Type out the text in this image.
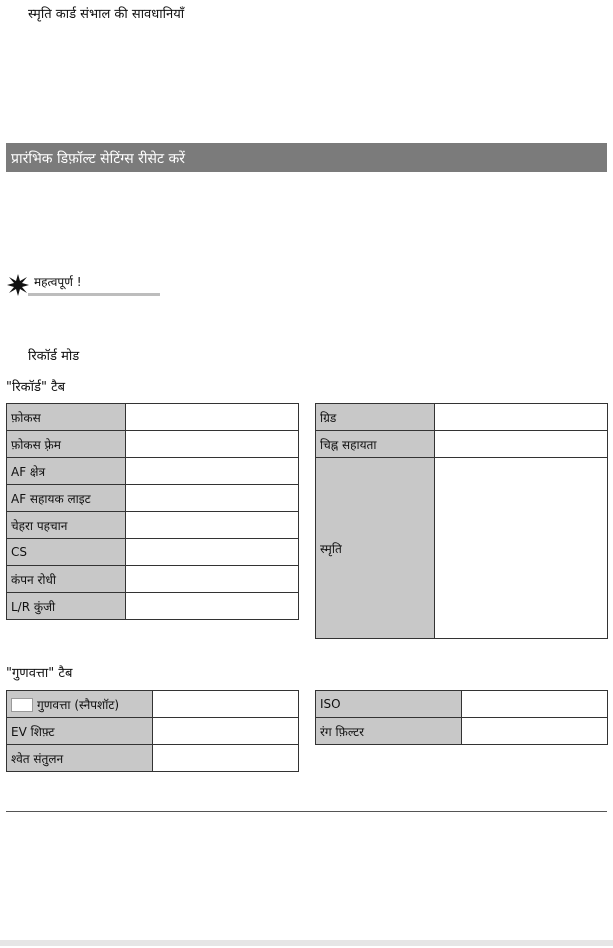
स्मृति कार्ड संभाल की सावधानियाँ
प्रारंभिक डिफ़ॉल्ट सेटिंग्स रीसेट करें
महत्वपूर्ण !
रिकॉर्ड मोड
"रिकॉर्ड" टैब
फ़ोकस	
फ़ोकस फ़्रेम	
AF क्षेत्र	
AF सहायक लाइट	
चेहरा पहचान	
CS	
कंपन रोधी	
L/R कुंजी	
ग्रिड	
चिह्न सहायता	
स्मृति	
"गुणवत्ता" टैब
गुणवत्ता (स्नैपशॉट)	
EV शिफ़्ट	
श्वेत संतुलन	
ISO	
रंग फ़िल्टर	
